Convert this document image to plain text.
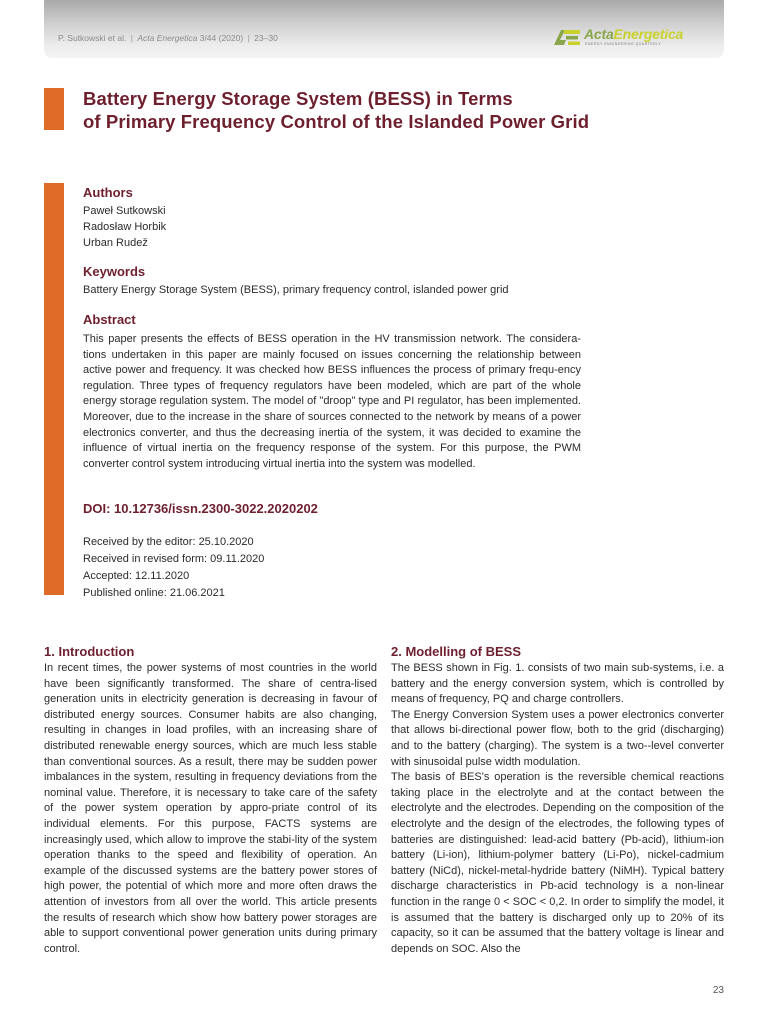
P. Sutkowski et al. | Acta Energetica 3/44 (2020) | 23–30	ActaEnergetica
ENERGY ENGINEERING QUARTERLY
Battery Energy Storage System (BESS) in Terms
of Primary Frequency Control of the Islanded Power Grid
Authors
Paweł Sutkowski
Radosław Horbik
Urban Rudež
Keywords

Battery Energy Storage System (BESS), primary frequency control, islanded power grid

Abstract

This paper presents the effects of BESS operation in the HV transmission network. The considera-tions undertaken in this paper are mainly focused on issues concerning the relationship between active power and frequency. It was checked how BESS influences the process of primary frequ-ency regulation. Three types of frequency regulators have been modeled, which are part of the whole energy storage regulation system. The model of "droop" type and PI regulator, has been implemented. Moreover, due to the increase in the share of sources connected to the network by means of a power electronics converter, and thus the decreasing inertia of the system, it was decided to examine the influence of virtual inertia on the frequency response of the system. For this purpose, the PWM converter control system introducing virtual inertia into the system was modelled.

DOI: 10.12736/issn.2300-3022.2020202

Received by the editor: 25.10.2020
Received in revised form: 09.11.2020
Accepted: 12.11.2020
Published online: 21.06.2021
1. Introduction

In recent times, the power systems of most countries in the world have been significantly transformed. The share of centra-lised generation units in electricity generation is decreasing in favour of distributed energy sources. Consumer habits are also changing, resulting in changes in load profiles, with an increasing share of distributed renewable energy sources, which are much less stable than conventional sources. As a result, there may be sudden power imbalances in the system, resulting in frequency deviations from the nominal value. Therefore, it is necessary to take care of the safety of the power system operation by appro-priate control of its individual elements. For this purpose, FACTS systems are increasingly used, which allow to improve the stabi-lity of the system operation thanks to the speed and flexibility of operation. An example of the discussed systems are the battery power stores of high power, the potential of which more and more often draws the attention of investors from all over the world. This article presents the results of research which show how battery power storages are able to support conventional power generation units during primary control.

2. Modelling of BESS

The BESS shown in Fig. 1. consists of two main sub-systems, i.e. a battery and the energy conversion system, which is controlled by means of frequency, PQ and charge controllers.

The Energy Conversion System uses a power electronics converter that allows bi-directional power flow, both to the grid (discharging) and to the battery (charging). The system is a two--level converter with sinusoidal pulse width modulation.

The basis of BES's operation is the reversible chemical reactions taking place in the electrolyte and at the contact between the electrolyte and the electrodes. Depending on the composition of the electrolyte and the design of the electrodes, the following types of batteries are distinguished: lead-acid battery (Pb-acid), lithium-ion battery (Li-ion), lithium-polymer battery (Li-Po), nickel-cadmium battery (NiCd), nickel-metal-hydride battery (NiMH). Typical battery discharge characteristics in Pb-acid technology is a non-linear function in the range 0 < SOC < 0,2. In order to simplify the model, it is assumed that the battery is discharged only up to 20% of its capacity, so it can be assumed that the battery voltage is linear and depends on SOC. Also the

23
